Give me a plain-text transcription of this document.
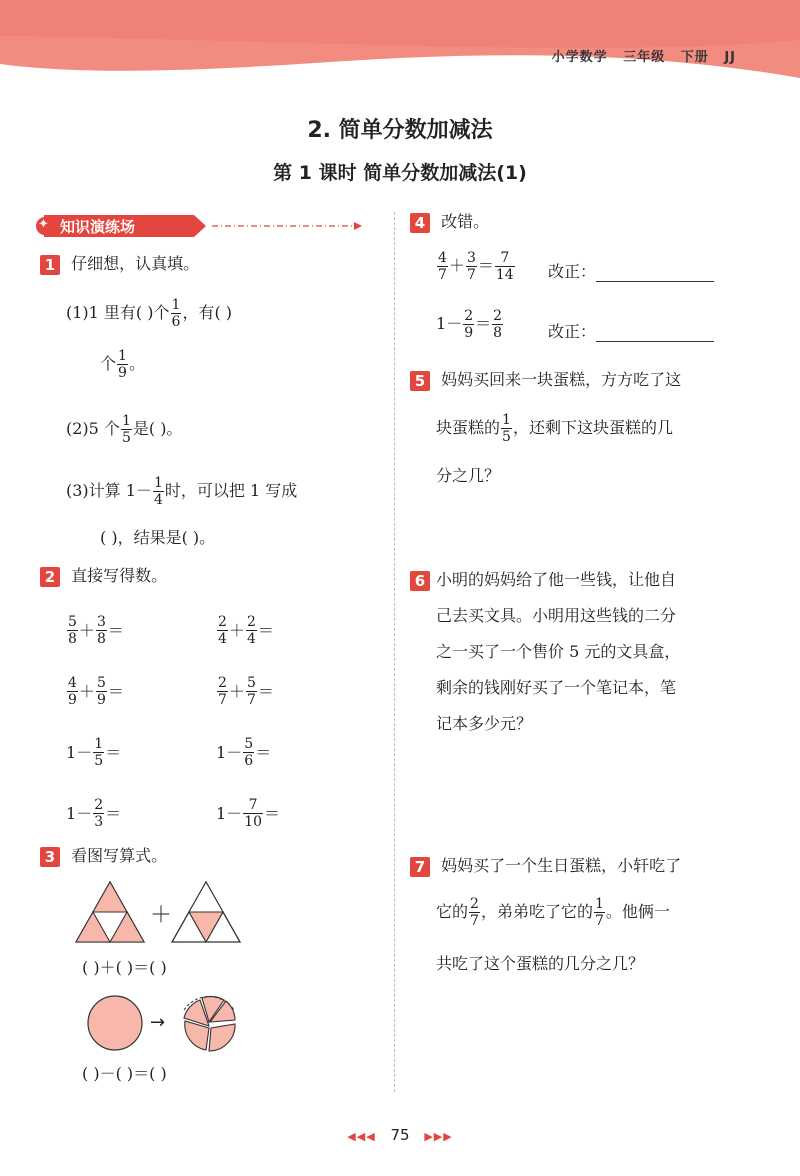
小学数学 三年级 下册 JJ
2. 简单分数加减法
第 1 课时 简单分数加减法(1)
✦ 知识演练场
1 仔细想，认真填。
(1)1 里有( )个 $\frac{1}{6}$ ，有( )
个 $\frac{1}{9}$ 。
(2)5 个 $\frac{1}{5}$ 是( )。
(3)计算 $1- \frac{1}{4}$ 时，可以把 1 写成
( )，结果是( )。
2 直接写得数。
$\frac{5}{8} + \frac{3}{8}$ ＝
$\frac{4}{9} + \frac{5}{9}$ ＝
$1 - \frac{1}{5}$ ＝
$1 - \frac{2}{3}$ ＝
$\frac{2}{4} + \frac{2}{4}$ ＝
$\frac{2}{7} + \frac{5}{7}$ ＝
$1 - \frac{5}{6}$ ＝
$1 - \frac{7}{10}$ ＝
3 看图写算式。
＋
( )＋( )＝( )
→
( )－( )＝( )
4 改错。
$\frac{4}{7} + \frac{3}{7} = \frac{7}{14}$ 改正：
$1- \frac{2}{9} = \frac{2}{8}$	改正：
5 妈妈买回来一块蛋糕，方方吃了这
块蛋糕的 $\frac{1}{5}$ ，还剩下这块蛋糕的几
分之几？
6 小明的妈妈给了他一些钱，让他自
己去买文具。小明用这些钱的二分
之一买了一个售价 5 元的文具盒，
剩余的钱刚好买了一个笔记本，笔
记本多少元？
7 妈妈买了一个生日蛋糕，小轩吃了
它的 $\frac{2}{7}$ ，弟弟吃了它的 $\frac{1}{7}$ 。他俩一
共吃了这个蛋糕的几分之几？
◀◀◀ 75 ▶▶▶
